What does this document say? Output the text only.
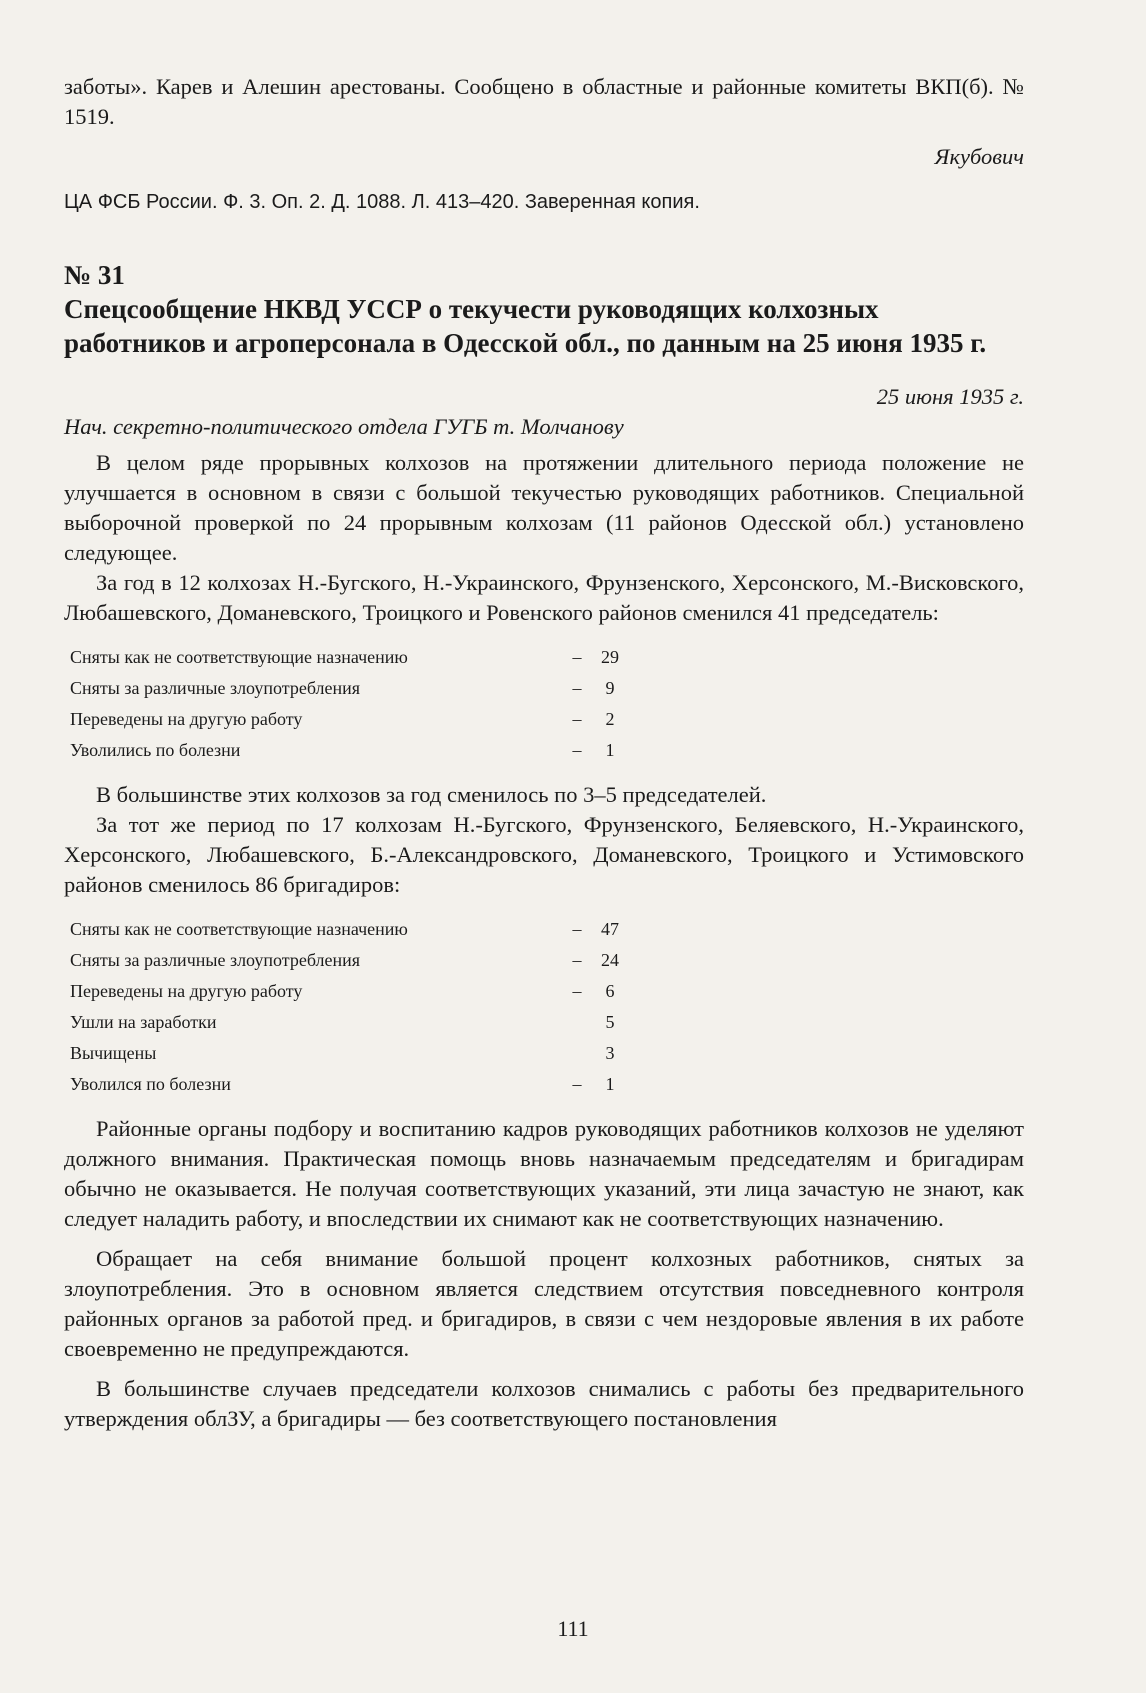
заботы». Карев и Алешин арестованы. Сообщено в областные и районные комитеты ВКП(б). № 1519.

Якубович

ЦА ФСБ России. Ф. 3. Оп. 2. Д. 1088. Л. 413–420. Заверенная копия.

№ 31

Спецсообщение НКВД УССР о текучести руководящих колхозных работников и агроперсонала в Одесской обл., по данным на 25 июня 1935 г.

25 июня 1935 г.

Нач. секретно-политического отдела ГУГБ т. Молчанову

В целом ряде прорывных колхозов на протяжении длительного периода положение не улучшается в основном в связи с большой текучестью руководящих работников. Специальной выборочной проверкой по 24 прорывным колхозам (11 районов Одесской обл.) установлено следующее.

За год в 12 колхозах Н.-Бугского, Н.-Украинского, Фрунзенского, Херсонского, М.-Висковского, Любашевского, Доманевского, Троицкого и Ровенского районов сменился 41 председатель:

Сняты как не соответствующие назначению	–	29
Сняты за различные злоупотребления	–	9
Переведены на другую работу	–	2
Уволились по болезни	–	1

В большинстве этих колхозов за год сменилось по 3–5 председателей.

За тот же период по 17 колхозам Н.-Бугского, Фрунзенского, Беляевского, Н.-Украинского, Херсонского, Любашевского, Б.-Александровского, Доманевского, Троицкого и Устимовского районов сменилось 86 бригадиров:

Сняты как не соответствующие назначению	–	47
Сняты за различные злоупотребления	–	24
Переведены на другую работу	–	6
Ушли на заработки	5
Вычищены	3
Уволился по болезни	–	1

Районные органы подбору и воспитанию кадров руководящих работников колхозов не уделяют должного внимания. Практическая помощь вновь назначаемым председателям и бригадирам обычно не оказывается. Не получая соответствующих указаний, эти лица зачастую не знают, как следует наладить работу, и впоследствии их снимают как не соответствующих назначению.

Обращает на себя внимание большой процент колхозных работников, снятых за злоупотребления. Это в основном является следствием отсутствия повседневного контроля районных органов за работой пред. и бригадиров, в связи с чем нездоровые явления в их работе своевременно не предупреждаются.

В большинстве случаев председатели колхозов снимались с работы без предварительного утверждения облЗУ, а бригадиры — без соответствующего постановления

111
